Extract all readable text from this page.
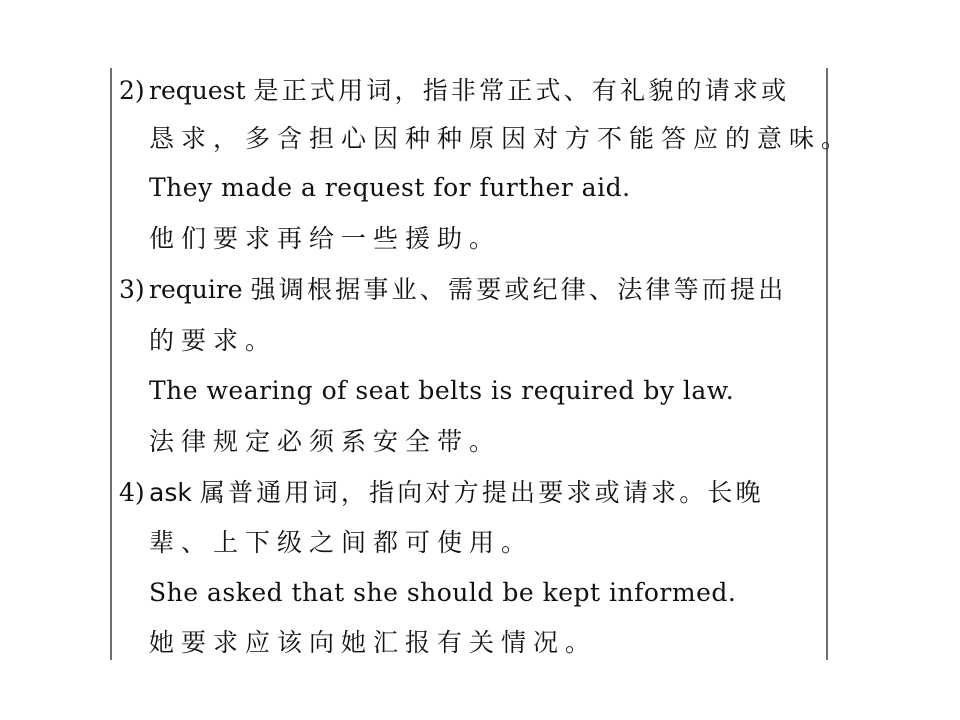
2) request 是正式用词，指非常正式、有礼貌的请求或
恳求，多含担心因种种原因对方不能答应的意味。
They made a request for further aid.
他们要求再给一些援助。
3) require 强调根据事业、需要或纪律、法律等而提出
的要求。
The wearing of seat belts is required by law.
法律规定必须系安全带。
4) ask 属普通用词，指向对方提出要求或请求。长晚
辈、上下级之间都可使用。
She asked that she should be kept informed.
她要求应该向她汇报有关情况。
